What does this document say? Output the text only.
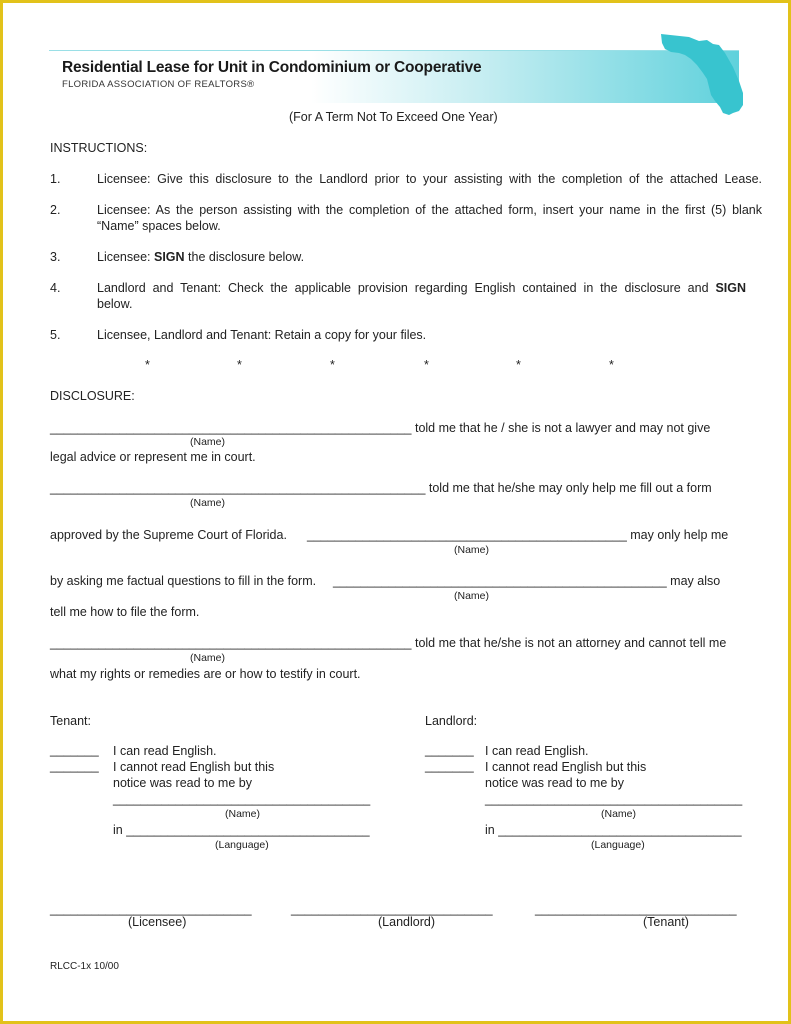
Residential Lease for Unit in Condominium or Cooperative
FLORIDA ASSOCIATION OF REALTORS®
(For A Term Not To Exceed One Year)
INSTRUCTIONS:
1.	Licensee: Give this disclosure to the Landlord prior to your assisting with the completion of the attached Lease.
2.	Licensee: As the person assisting with the completion of the attached form, insert your name in the first (5) blank
“Name” spaces below.
3.	Licensee: SIGN the disclosure below.
4.	Landlord and Tenant: Check the applicable provision regarding English contained in the disclosure and SIGN
below.
5.	Licensee, Landlord and Tenant: Retain a copy for your files.
*	*	*	*	*	*
DISCLOSURE:
____________________________________________________ told me that he / she is not a lawyer and may not give
(Name)
legal advice or represent me in court.
______________________________________________________ told me that he/she may only help me fill out a form
(Name)
approved by the Supreme Court of Florida. ______________________________________________ may only help me
(Name)
by asking me factual questions to fill in the form. ________________________________________________ may also
(Name)
tell me how to file the form.
____________________________________________________ told me that he/she is not an attorney and cannot tell me
(Name)
what my rights or remedies are or how to testify in court.
Tenant:
_______ I can read English.
_______ I cannot read English but this
notice was read to me by
_____________________________________
(Name)
in ___________________________________
(Language)
Landlord:
_______ I can read English.
_______ I cannot read English but this
notice was read to me by
_____________________________________
(Name)
in ___________________________________
(Language)
_____________________________
(Licensee)
_____________________________
(Landlord)
_____________________________
(Tenant)
RLCC-1x 10/00
